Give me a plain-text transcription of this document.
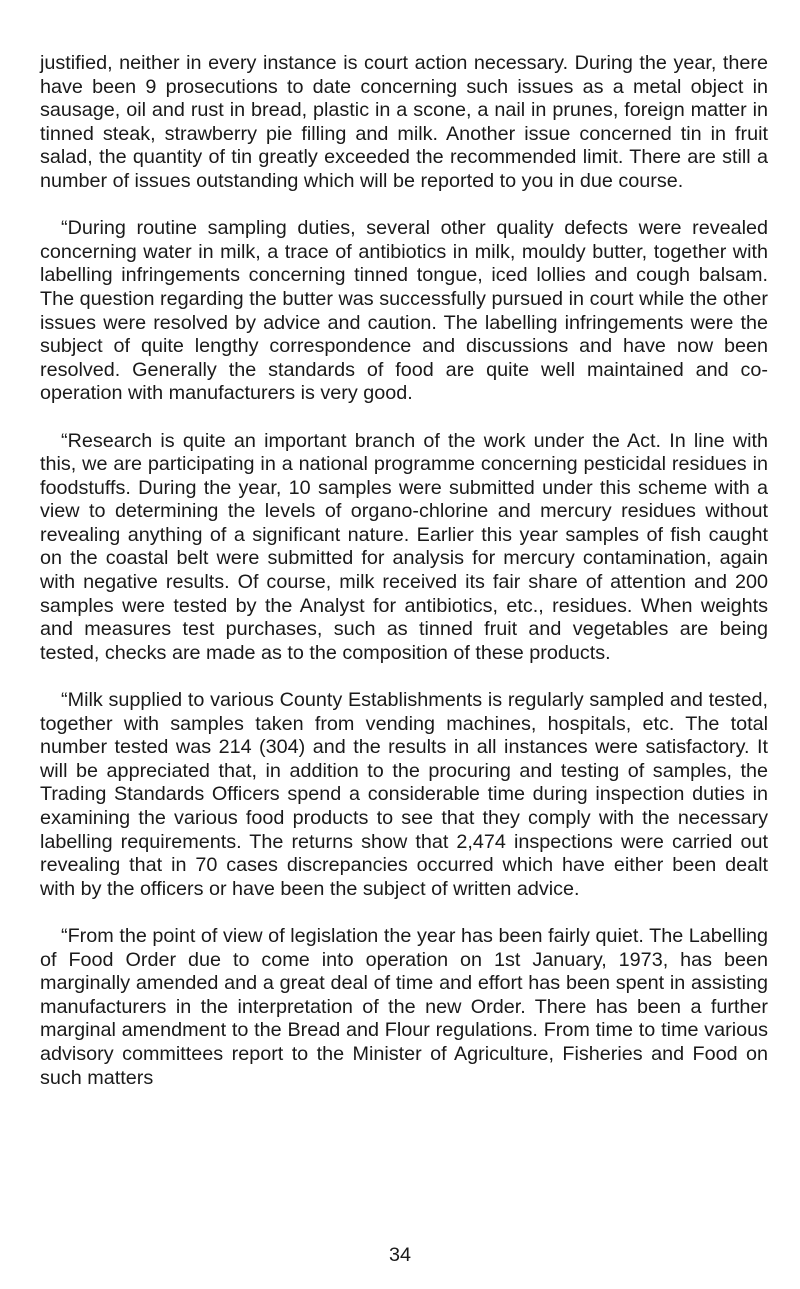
justified, neither in every instance is court action necessary. During the year, there have been 9 prosecutions to date concerning such issues as a metal object in sausage, oil and rust in bread, plastic in a scone, a nail in prunes, foreign matter in tinned steak, strawberry pie filling and milk. Another issue concerned tin in fruit salad, the quantity of tin greatly exceeded the recommended limit. There are still a number of issues outstanding which will be reported to you in due course.

“During routine sampling duties, several other quality defects were revealed concerning water in milk, a trace of antibiotics in milk, mouldy butter, together with labelling infringements concerning tinned tongue, iced lollies and cough balsam. The question regarding the butter was successfully pursued in court while the other issues were resolved by advice and caution. The labelling infringements were the subject of quite lengthy correspondence and discussions and have now been resolved. Generally the standards of food are quite well maintained and co-operation with manufacturers is very good.

“Research is quite an important branch of the work under the Act. In line with this, we are participating in a national programme concerning pesticidal residues in foodstuffs. During the year, 10 samples were submitted under this scheme with a view to determining the levels of organo-chlorine and mercury residues without revealing anything of a significant nature. Earlier this year samples of fish caught on the coastal belt were submitted for analysis for mercury contamination, again with negative results. Of course, milk received its fair share of attention and 200 samples were tested by the Analyst for antibiotics, etc., residues. When weights and measures test purchases, such as tinned fruit and vegetables are being tested, checks are made as to the composition of these products.

“Milk supplied to various County Establishments is regularly sampled and tested, together with samples taken from vending machines, hospitals, etc. The total number tested was 214 (304) and the results in all instances were satisfactory. It will be appreciated that, in addition to the procuring and testing of samples, the Trading Standards Officers spend a considerable time during inspection duties in examining the various food products to see that they comply with the necessary labelling requirements. The returns show that 2,474 inspections were carried out revealing that in 70 cases discrepancies occurred which have either been dealt with by the officers or have been the subject of written advice.

“From the point of view of legislation the year has been fairly quiet. The Labelling of Food Order due to come into operation on 1st January, 1973, has been marginally amended and a great deal of time and effort has been spent in assisting manufacturers in the interpretation of the new Order. There has been a further marginal amendment to the Bread and Flour regulations. From time to time various advisory committees report to the Minister of Agriculture, Fisheries and Food on such matters

34
